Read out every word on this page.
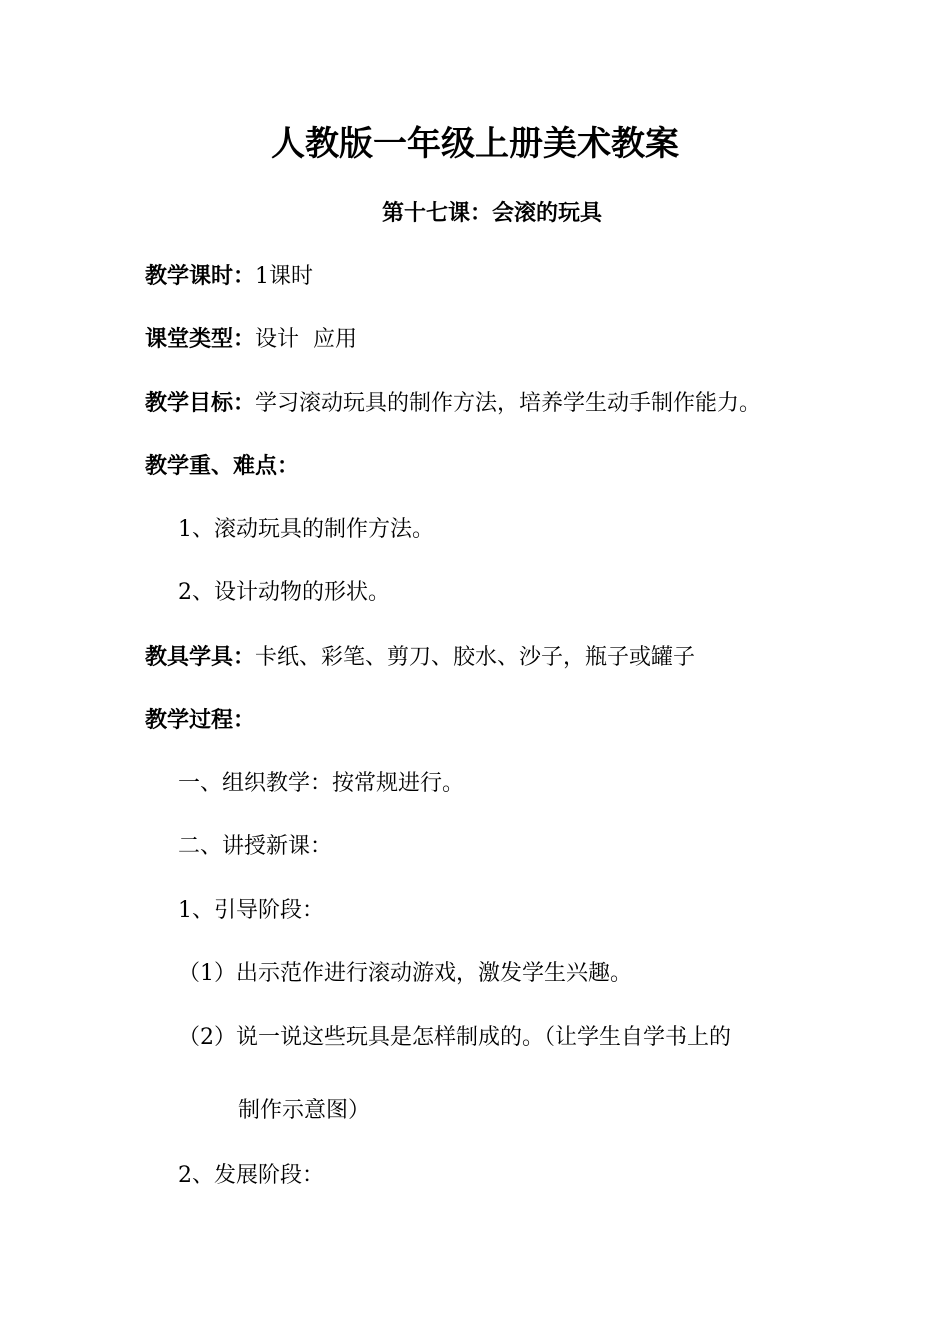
人教版一年级上册美术教案
第十七课：会滚的玩具
教学课时：1课时
课堂类型：设计  应用
教学目标：学习滚动玩具的制作方法，培养学生动手制作能力。
教学重、难点：
1、滚动玩具的制作方法。
2、设计动物的形状。
教具学具：卡纸、彩笔、剪刀、胶水、沙子，瓶子或罐子
教学过程：
一、组织教学：按常规进行。
二、讲授新课：
1、引导阶段：
（1）出示范作进行滚动游戏，激发学生兴趣。
（2）说一说这些玩具是怎样制成的。（让学生自学书上的
制作示意图）
2、发展阶段：
